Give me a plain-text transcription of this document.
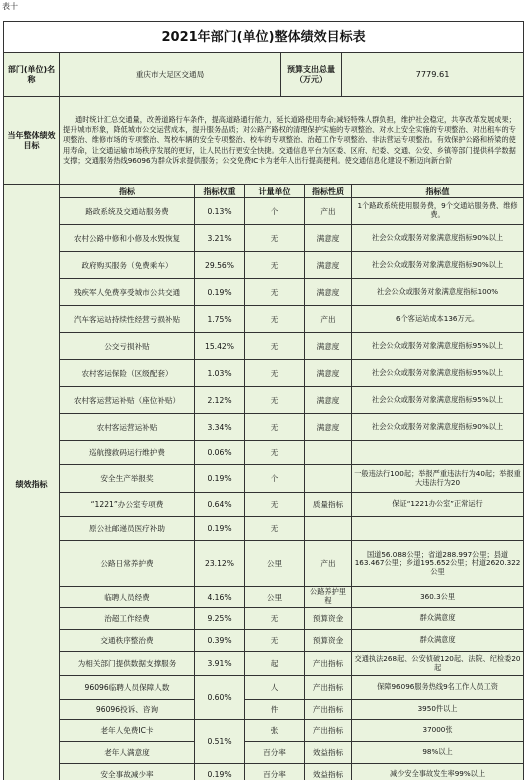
表十
2021年部门(单位)整体绩效目标表							
部门(单位)名称	重庆市大足区交通局			预算支出总量（万元）		7779.61	
当年整体绩效目标	通时统计汇总交通量，改善道路行车条件，提高道路通行能力，延长道路使用寿命;减轻特殊人群负担，维护社会稳定，共享改革发展成果；提升城市形象，降低城市公交运营成本，提升服务品质；对公路产路权的清理保护实施的专项整治、对水上安全实施的专项整治、对出租车的专项整治、维修市场的专项整治、驾校车辆的安全专项整治、校车的专项整治、治超工作专项整治、非法营运专项整治。有效保护公路和桥梁的使用寿命，让交通运输市场秩序发展的更好，让人民出行更安全快捷。交通信息平台为区委、区府、纪委、交通、公安、乡镇等部门提供科学数据支撑；交通服务热线96096为群众诉求提供服务；公交免费IC卡为老年人出行提高便利。使交通信息化建设不断迈向新台阶						
绩效指标	指标	指标权重	计量单位		指标性质		指标值
	路政系统及交通站服务费	0.13%	个		产出		1个路政系统使用服务费，9个交通站服务费、维修费。
	农村公路中修和小修及水毁恢复	3.21%	无		满意度		社会公众或服务对象满意度指标90%以上
	政府购买服务（免费乘车）	29.56%	无		满意度		社会公众或服务对象满意度指标90%以上
	残疾军人免费享受城市公共交通	0.19%	无		满意度		社会公众或服务对象满意度指标100%
	汽车客运站持续性经营亏损补贴	1.75%	无		产出		6个客运站成本136万元。
	公交亏损补贴	15.42%	无		满意度		社会公众或服务对象满意度指标95%以上
	农村客运保险（区级配套）	1.03%	无		满意度		社会公众或服务对象满意度指标95%以上
	农村客运营运补贴（座位补贴）	2.12%	无		满意度		社会公众或服务对象满意度指标95%以上
	农村客运营运补贴	3.34%	无		满意度		社会公众或服务对象满意度指标90%以上
	巡航搜救码运行维护费	0.06%	无				
	安全生产举报奖	0.19%	个				一般违法行100起；举报严重违法行为40起；举报重大违法行为20
	“1221”办公室专项费	0.64%	无		质量指标		保证“1221办公室”正常运行
	原公社邮递员医疗补助	0.19%	无				
	公路日常养护费	23.12%	公里		产出		国道56.088公里；省道288.997公里；县道163.467公里；乡道195.652公里；村道2620.322公里
	临聘人员经费	4.16%	公里		公路养护里程		360.3公里
	治超工作经费	9.25%	无		预算资金		群众满意度
	交通秩序整治费	0.39%	无		预算资金		群众满意度
	为相关部门提供数据支撑服务	3.91%	起		产出指标		交通执法268起、公安侦破120起、法院、纪检委20起
	96096临聘人员保障人数	0.60%	人		产出指标		保障96096服务热线9名工作人员工资
	96096投诉、咨询		件		产出指标		3950件以上
	老年人免费IC卡	0.51%	张		产出指标		37000张
	老年人满意度		百分率		效益指标		98%以上
	安全事故减少率	0.19%	百分率		效益指标		减少安全事故发生率99%以上
